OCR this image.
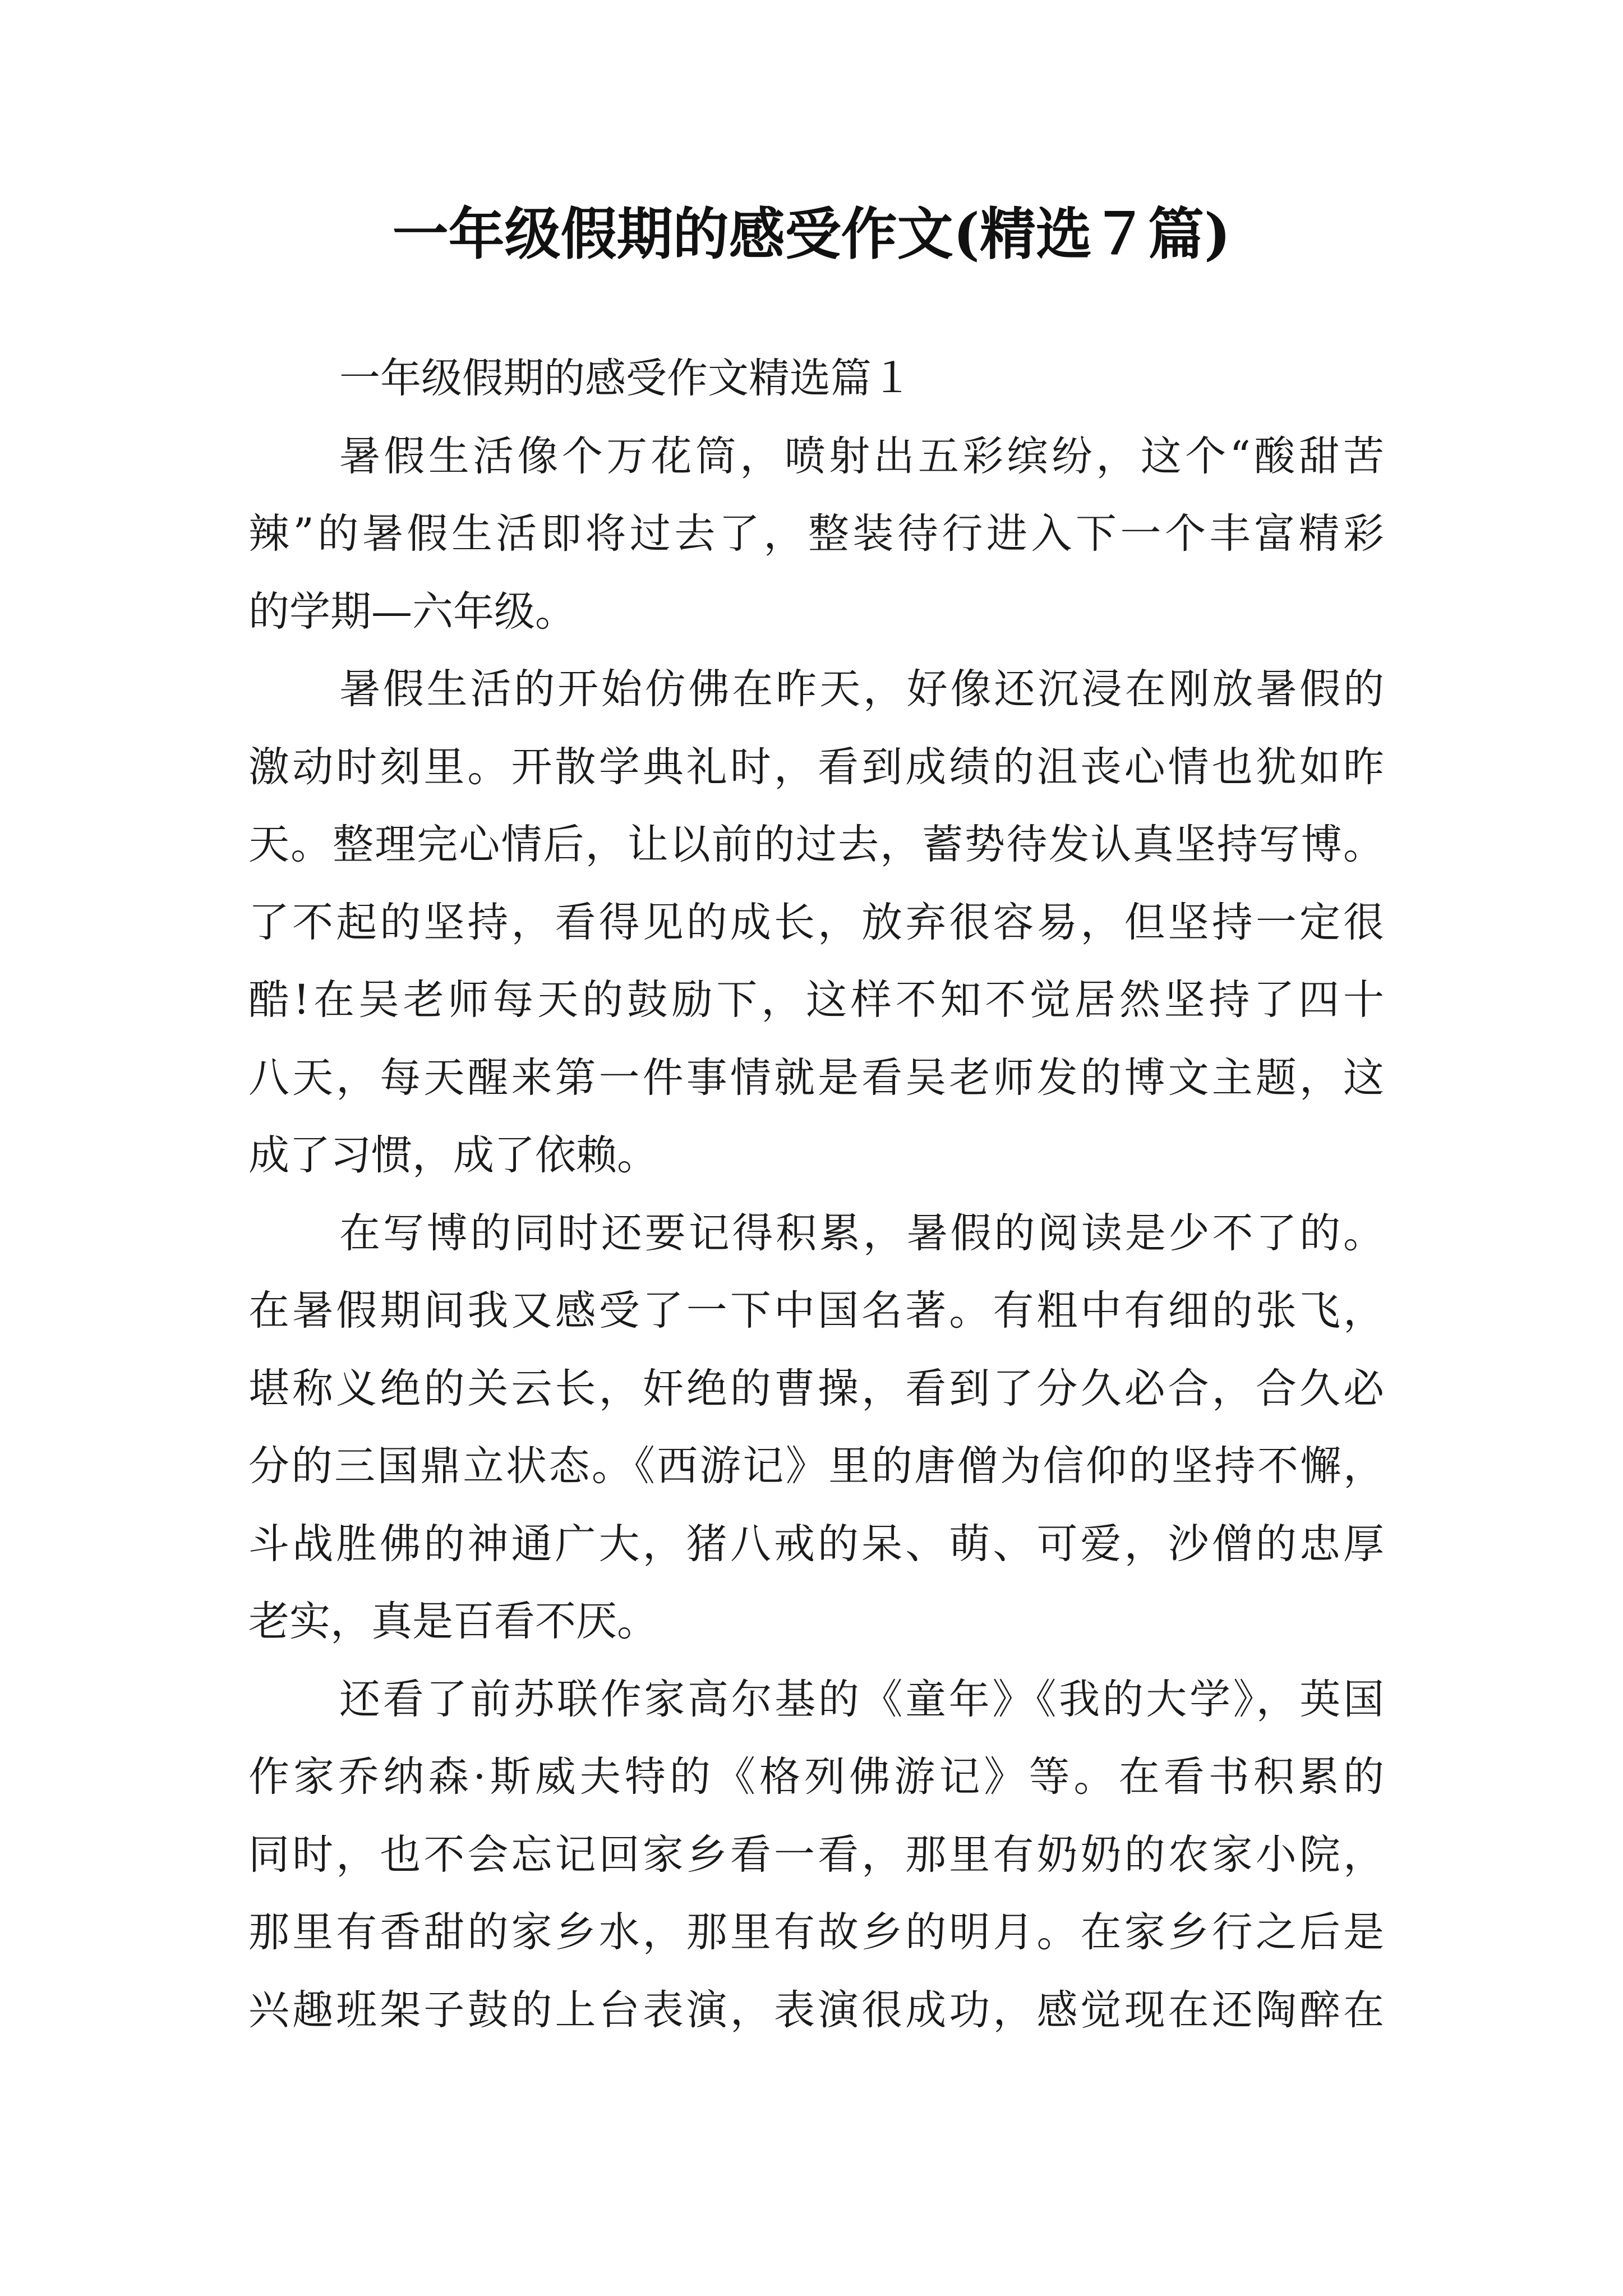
一年级假期的感受作文(精选７篇)
一年级假期的感受作文精选篇１
暑假生活像个万花筒，喷射出五彩缤纷，这个“酸甜苦
辣”的暑假生活即将过去了，整装待行进入下一个丰富精彩
的学期—六年级。
暑假生活的开始仿佛在昨天，好像还沉浸在刚放暑假的
激动时刻里。开散学典礼时，看到成绩的沮丧心情也犹如昨
天。整理完心情后，让以前的过去，蓄势待发认真坚持写博。
了不起的坚持，看得见的成长，放弃很容易，但坚持一定很
酷!在吴老师每天的鼓励下，这样不知不觉居然坚持了四十
八天，每天醒来第一件事情就是看吴老师发的博文主题，这
成了习惯，成了依赖。
在写博的同时还要记得积累，暑假的阅读是少不了的。
在暑假期间我又感受了一下中国名著。有粗中有细的张飞，
堪称义绝的关云长，奸绝的曹操，看到了分久必合，合久必
分的三国鼎立状态。《西游记》里的唐僧为信仰的坚持不懈，
斗战胜佛的神通广大，猪八戒的呆、萌、可爱，沙僧的忠厚
老实，真是百看不厌。
还看了前苏联作家高尔基的《童年》《我的大学》，英国
作家乔纳森·斯威夫特的《格列佛游记》等。在看书积累的
同时，也不会忘记回家乡看一看，那里有奶奶的农家小院，
那里有香甜的家乡水，那里有故乡的明月。在家乡行之后是
兴趣班架子鼓的上台表演，表演很成功，感觉现在还陶醉在
